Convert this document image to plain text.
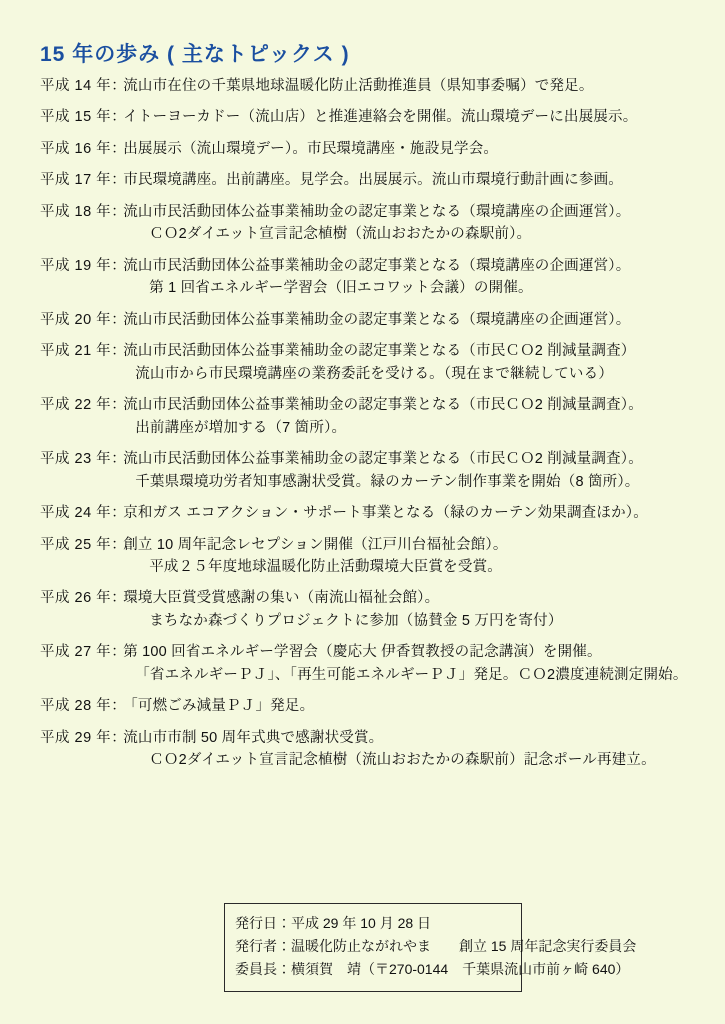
15 年の歩み ( 主なトピックス )
平成 14 年 ：
流山市在住の千葉県地球温暖化防止活動推進員（県知事委嘱）で発足。
平成 15 年 ：
イトーヨーカドー（流山店）と推進連絡会を開催。流山環境デーに出展展示。
平成 16 年 ：
出展展示（流山環境デー）。市民環境講座・施設見学会。
平成 17 年 ：
市民環境講座。出前講座。見学会。出展展示。流山市環境行動計画に参画。
平成 18 年 ：
流山市民活動団体公益事業補助金の認定事業となる（環境講座の企画運営）。
ＣＯ2ダイエット宣言記念植樹（流山おおたかの森駅前）。
平成 19 年 ：
流山市民活動団体公益事業補助金の認定事業となる（環境講座の企画運営）。
第 1 回省エネルギー学習会（旧エコワット会議）の開催。
平成 20 年 ：
流山市民活動団体公益事業補助金の認定事業となる（環境講座の企画運営）。
平成 21 年 ：
流山市民活動団体公益事業補助金の認定事業となる（市民ＣＯ2 削減量調査）
流山市から市民環境講座の業務委託を受ける。（現在まで継続している）
平成 22 年 ：
流山市民活動団体公益事業補助金の認定事業となる（市民ＣＯ2 削減量調査）。
出前講座が増加する（7 箇所）。
平成 23 年 ：
流山市民活動団体公益事業補助金の認定事業となる（市民ＣＯ2 削減量調査）。
千葉県環境功労者知事感謝状受賞。緑のカーテン制作事業を開始（8 箇所）。
平成 24 年 ：
京和ガス エコアクション・サポート事業となる（緑のカーテン効果調査ほか）。
平成 25 年 ：
創立 10 周年記念レセプション開催（江戸川台福祉会館）。
平成２５年度地球温暖化防止活動環境大臣賞を受賞。
平成 26 年 ：
環境大臣賞受賞感謝の集い（南流山福祉会館）。
まちなか森づくりプロジェクトに参加（協賛金 5 万円を寄付）
平成 27 年 ：
第 100 回省エネルギー学習会（慶応大 伊香賀教授の記念講演）を開催。
「省エネルギーＰＪ」、「再生可能エネルギーＰＪ」発足。ＣＯ2濃度連続測定開始。
平成 28 年 ：
「可燃ごみ減量ＰＪ」発足。
平成 29 年 ：
流山市市制 50 周年式典で感謝状受賞。
ＣＯ2ダイエット宣言記念植樹（流山おおたかの森駅前）記念ポール再建立。
発行日：平成 29 年 10 月 28 日
発行者：温暖化防止ながれやま　　創立 15 周年記念実行委員会
委員長：横須賀　靖（〒270-0144　千葉県流山市前ヶ崎 640）
